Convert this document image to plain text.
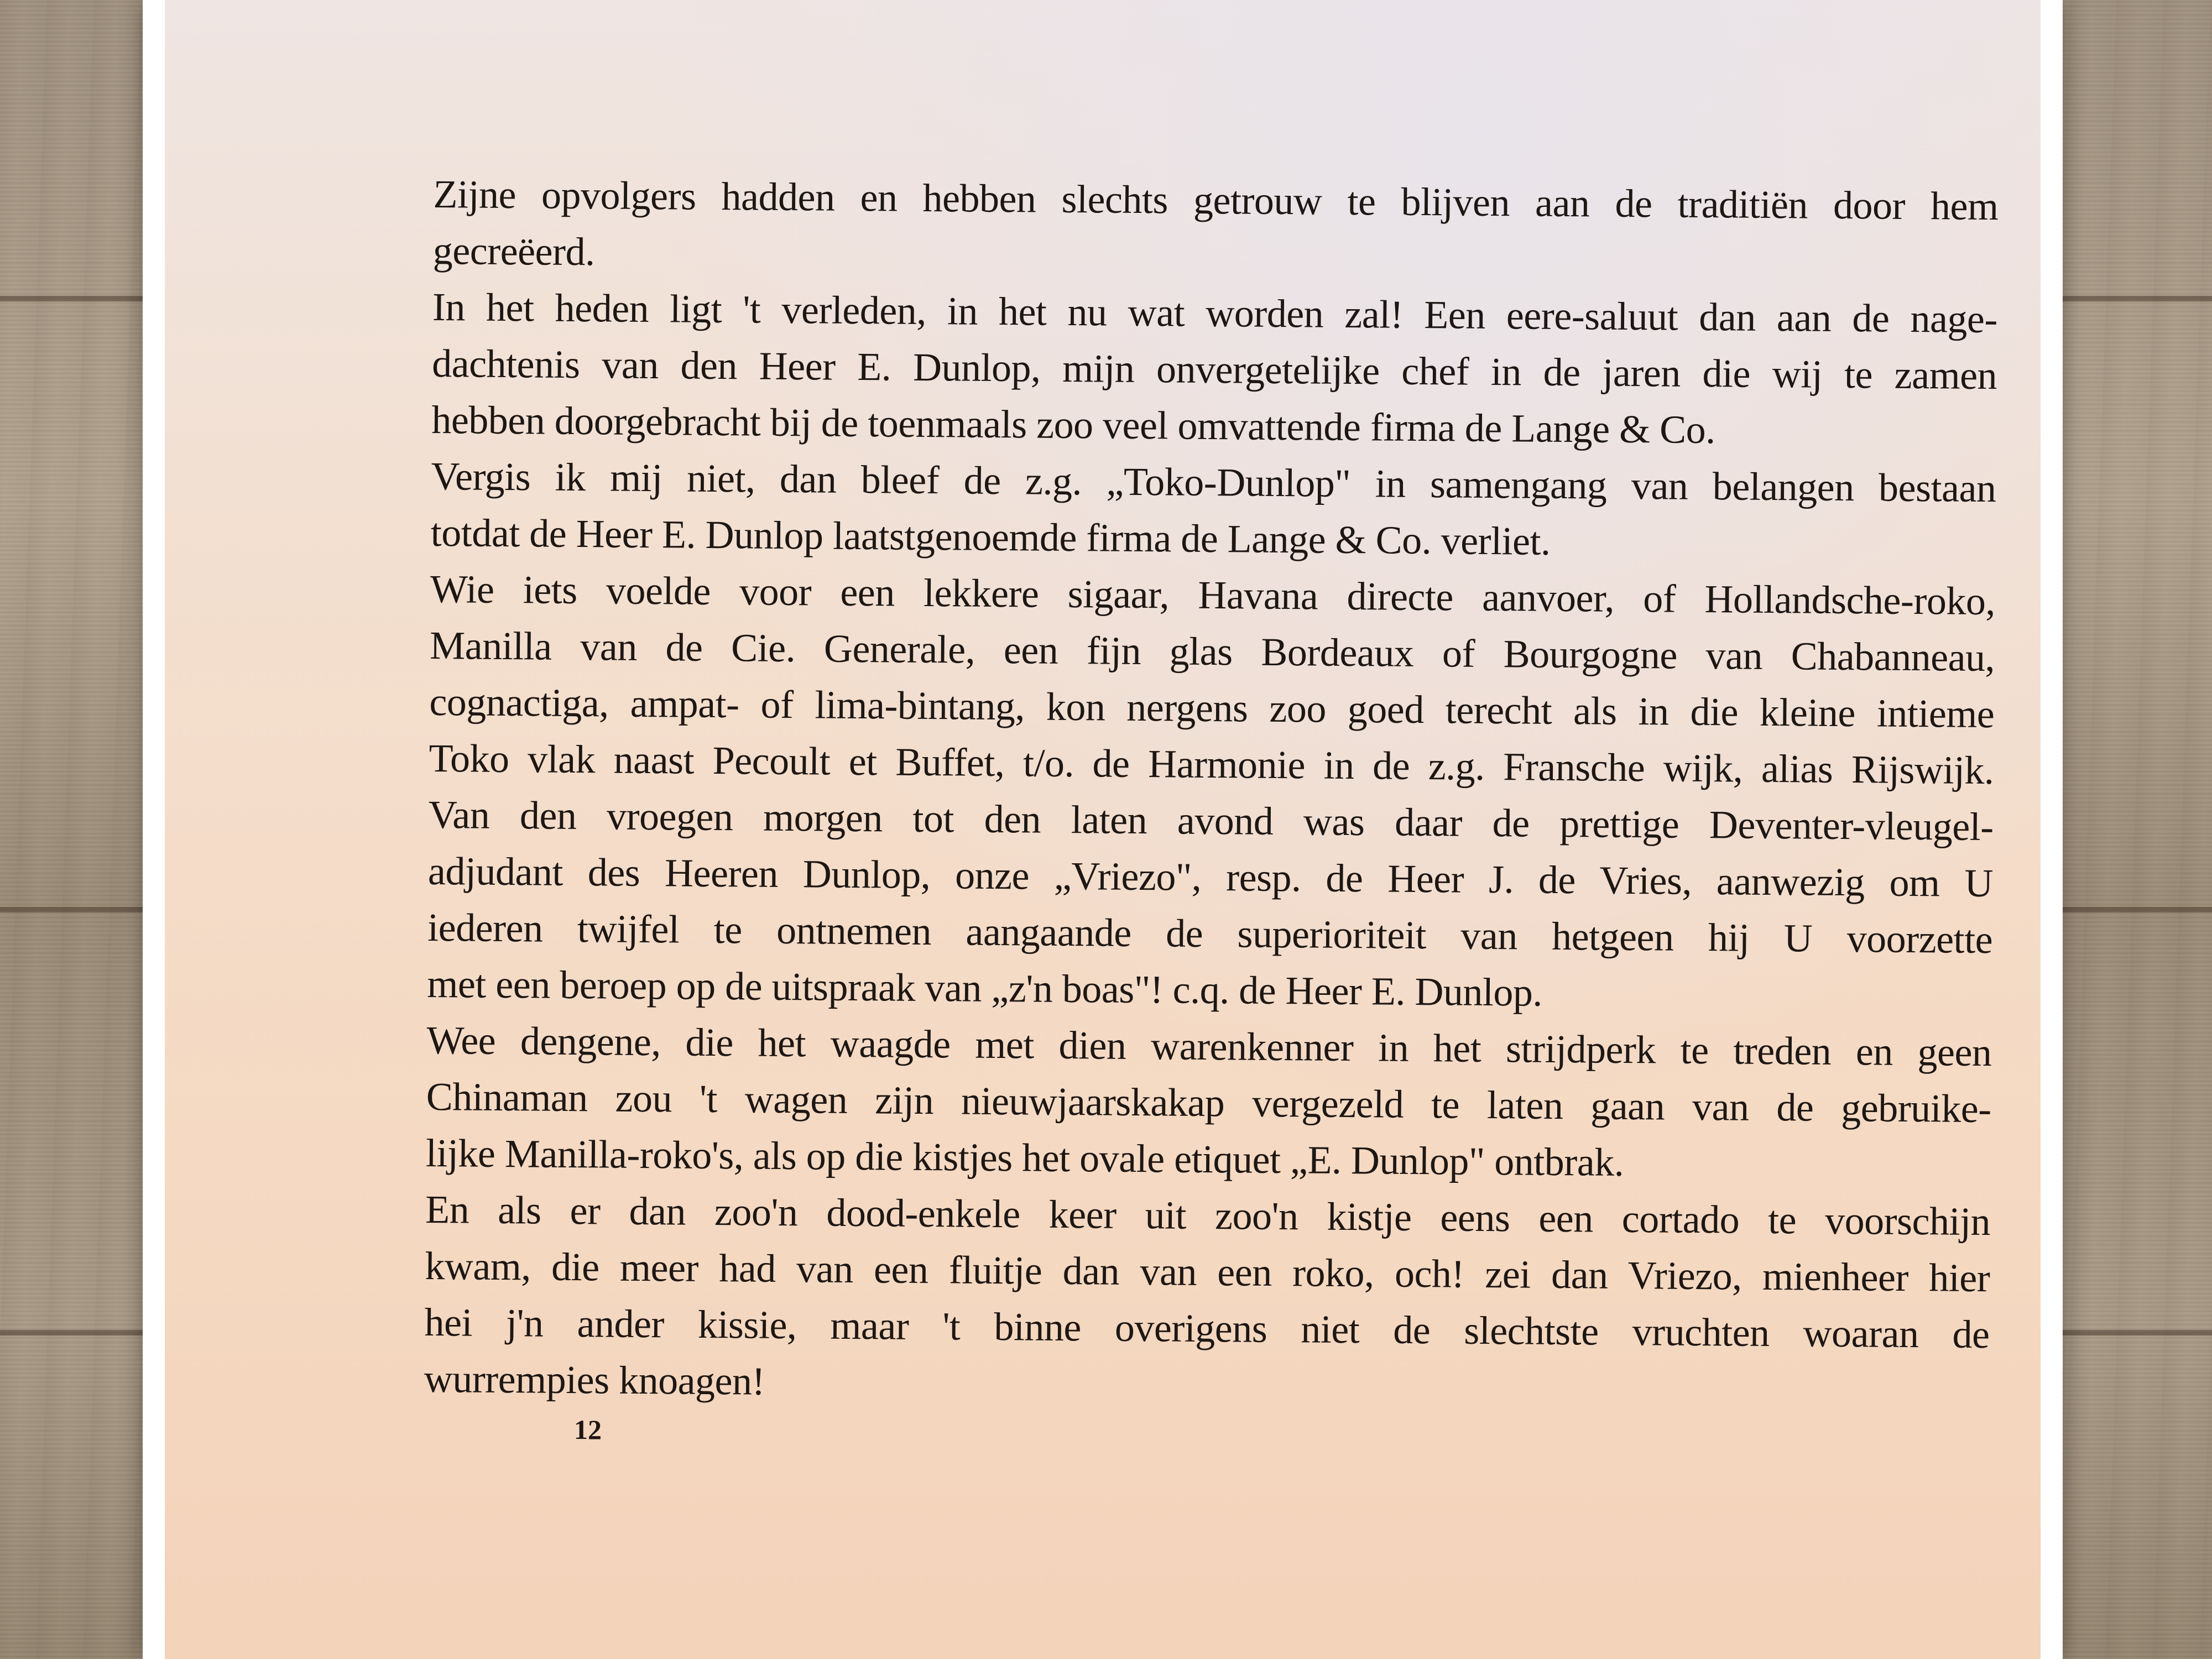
Zijne opvolgers hadden en hebben slechts getrouw te blijven aan de traditiën door hem
gecreëerd.
In het heden ligt 't verleden, in het nu wat worden zal! Een eere-saluut dan aan de nage-
dachtenis van den Heer E. Dunlop, mijn onvergetelijke chef in de jaren die wij te zamen
hebben doorgebracht bij de toenmaals zoo veel omvattende firma de Lange & Co.
Vergis ik mij niet, dan bleef de z.g. „Toko-Dunlop" in samengang van belangen bestaan
totdat de Heer E. Dunlop laatstgenoemde firma de Lange & Co. verliet.
Wie iets voelde voor een lekkere sigaar, Havana directe aanvoer, of Hollandsche-roko,
Manilla van de Cie. Generale, een fijn glas Bordeaux of Bourgogne van Chabanneau,
cognactiga, ampat- of lima-bintang, kon nergens zoo goed terecht als in die kleine intieme
Toko vlak naast Pecoult et Buffet, t/o. de Harmonie in de z.g. Fransche wijk, alias Rijswijk.
Van den vroegen morgen tot den laten avond was daar de prettige Deventer-vleugel-
adjudant des Heeren Dunlop, onze „Vriezo", resp. de Heer J. de Vries, aanwezig om U
iederen twijfel te ontnemen aangaande de superioriteit van hetgeen hij U voorzette
met een beroep op de uitspraak van „z'n boas"! c.q. de Heer E. Dunlop.
Wee dengene, die het waagde met dien warenkenner in het strijdperk te treden en geen
Chinaman zou 't wagen zijn nieuwjaarskakap vergezeld te laten gaan van de gebruike-
lijke Manilla-roko's, als op die kistjes het ovale etiquet „E. Dunlop" ontbrak.
En als er dan zoo'n dood-enkele keer uit zoo'n kistje eens een cortado te voorschijn
kwam, die meer had van een fluitje dan van een roko, och! zei dan Vriezo, mienheer hier
hei j'n ander kissie, maar 't binne overigens niet de slechtste vruchten woaran de
wurrempies knoagen!
12
